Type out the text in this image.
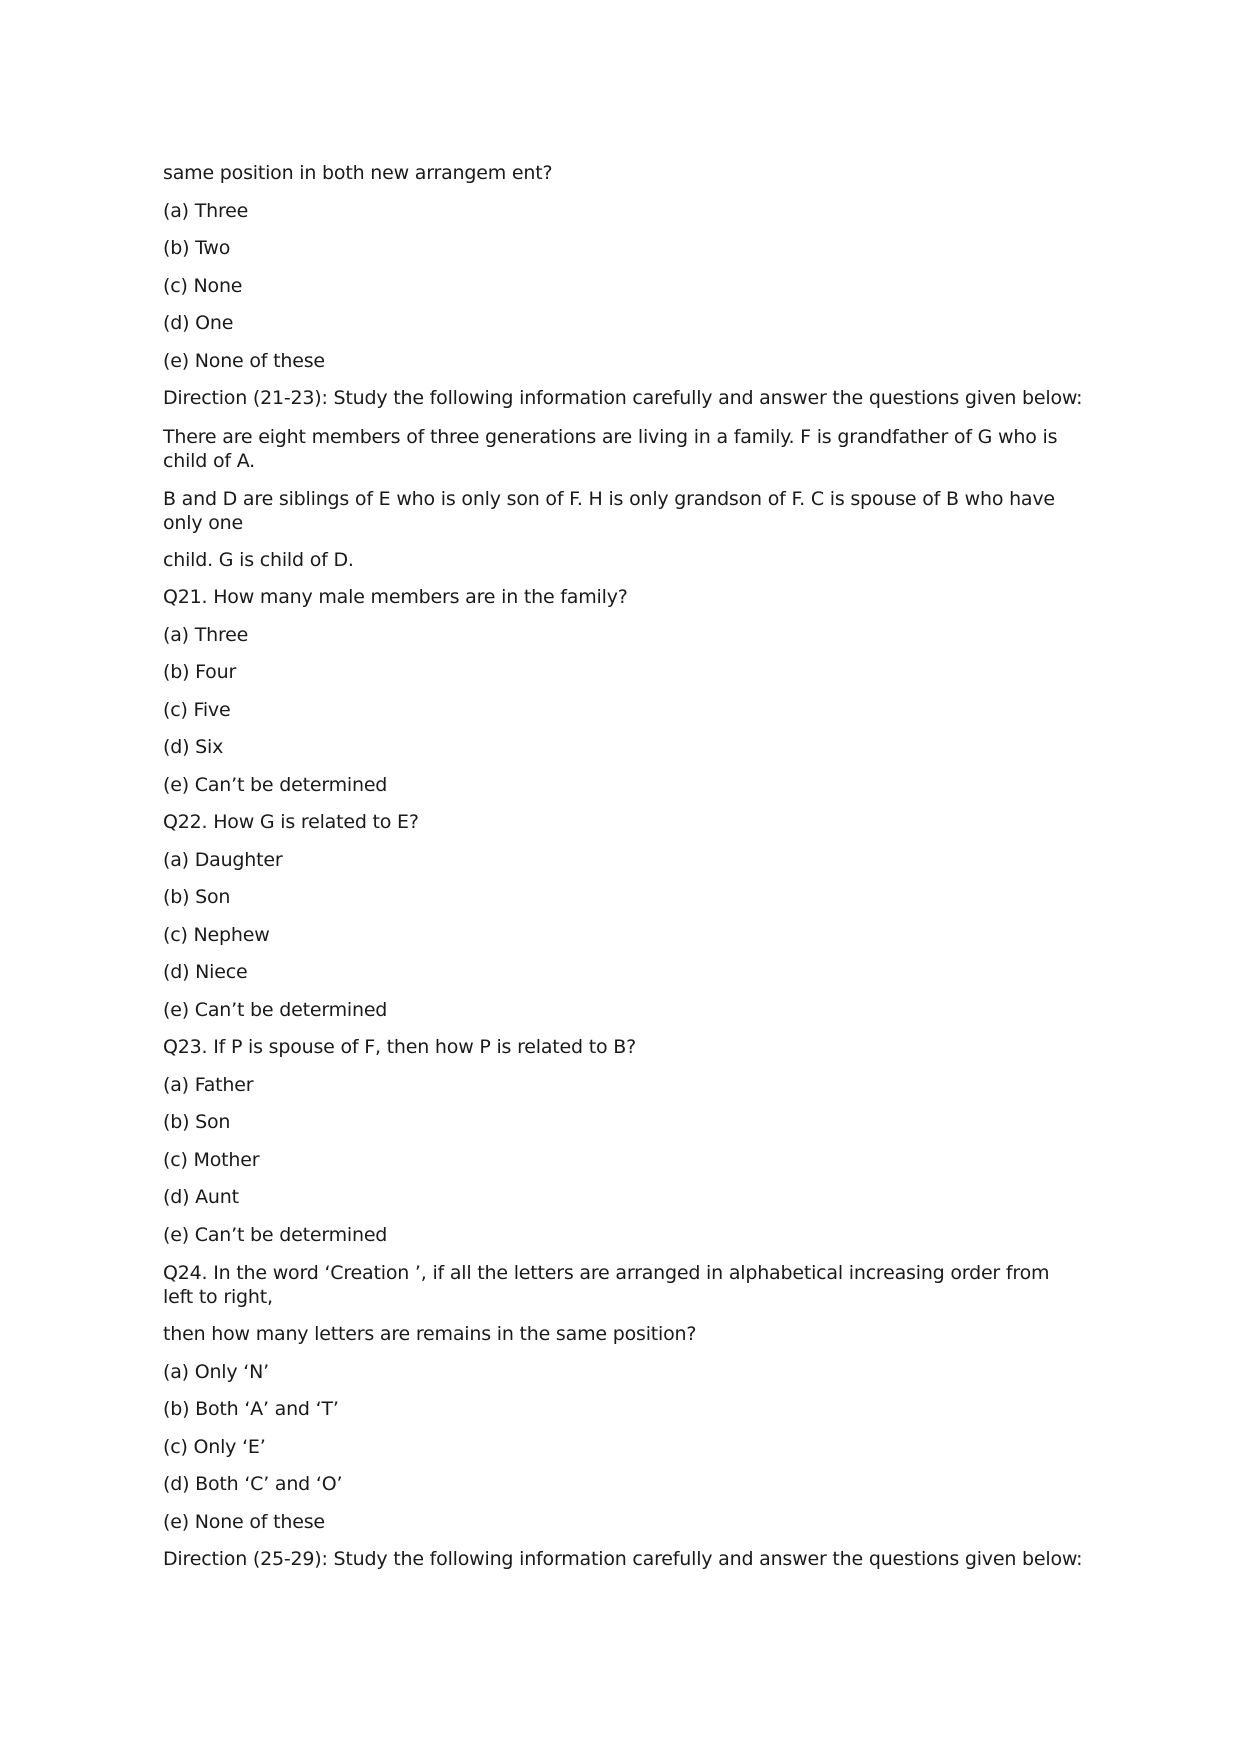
same position in both new arrangem ent?
(a) Three
(b) Two
(c) None
(d) One
(e) None of these
Direction (21-23): Study the following information carefully and answer the questions given below:
There are eight members of three generations are living in a family. F is grandfather of G who is child of A.
B and D are siblings of E who is only son of F. H is only grandson of F. C is spouse of B who have only one
child. G is child of D.
Q21. How many male members are in the family?
(a) Three
(b) Four
(c) Five
(d) Six
(e) Can’t be determined
Q22. How G is related to E?
(a) Daughter
(b) Son
(c) Nephew
(d) Niece
(e) Can’t be determined
Q23. If P is spouse of F, then how P is related to B?
(a) Father
(b) Son
(c) Mother
(d) Aunt
(e) Can’t be determined
Q24. In the word ‘Creation ’, if all the letters are arranged in alphabetical increasing order from left to right,
then how many letters are remains in the same position?
(a) Only ‘N’
(b) Both ‘A’ and ‘T’
(c) Only ‘E’
(d) Both ‘C’ and ‘O’
(e) None of these
Direction (25-29): Study the following information carefully and answer the questions given below:
